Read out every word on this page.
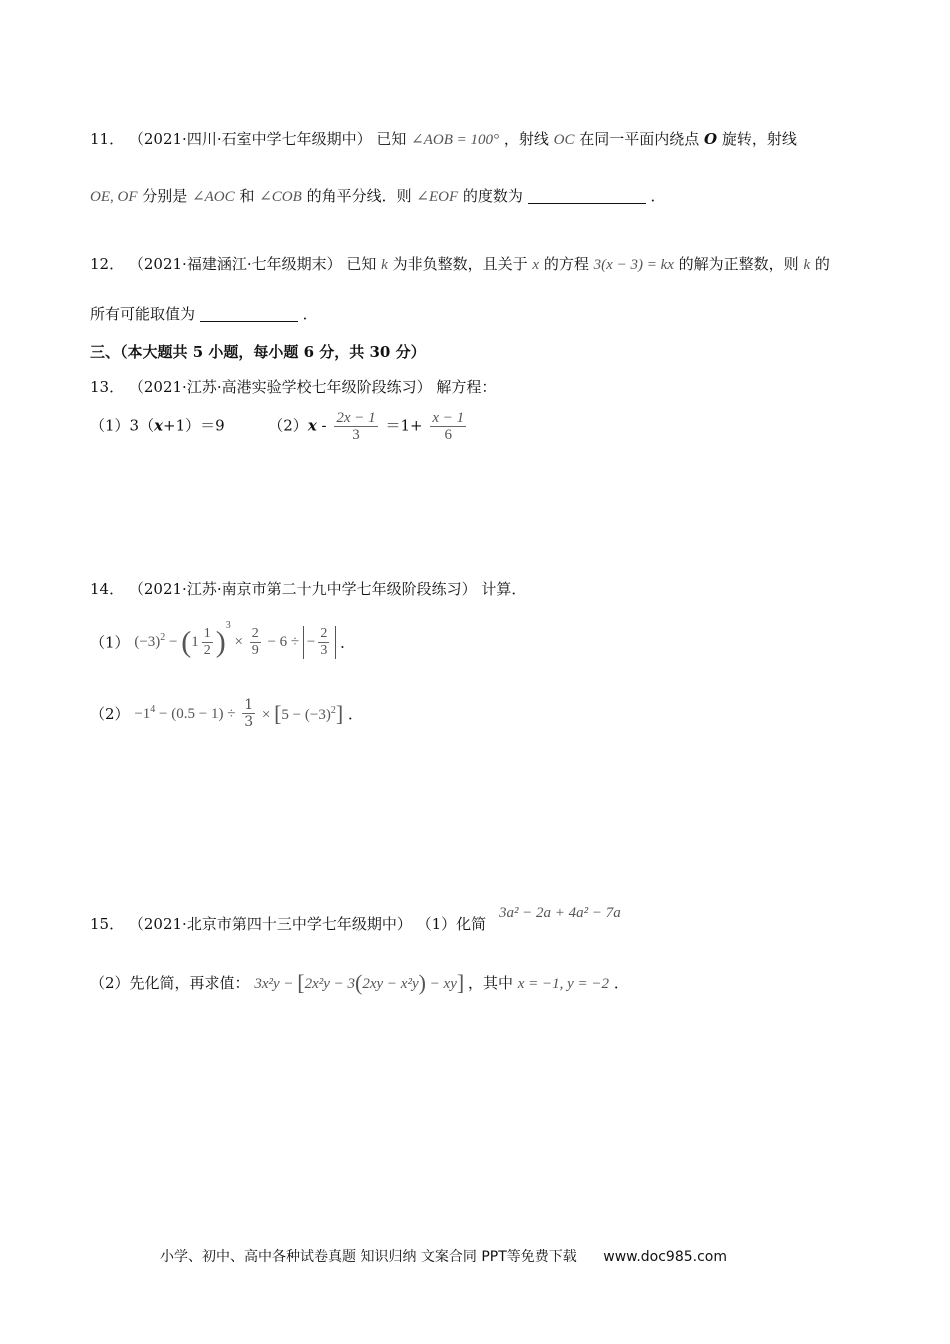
11． （2021·四川·石室中学七年级期中） 已知 ∠AOB = 100° ，射线 OC 在同一平面内绕点 O 旋转，射线
OE, OF 分别是 ∠AOC 和 ∠COB 的角平分线．则 ∠EOF 的度数为	．
12． （2021·福建涵江·七年级期末） 已知 k 为非负整数，且关于 x 的方程 3(x − 3) = kx 的解为正整数，则 k 的
所有可能取值为	．
三、（本大题共 5 小题，每小题 6 分，共 30 分）
13． （2021·江苏·高港实验学校七年级阶段练习） 解方程：
（1）3（x+1）＝9	$(2)x - \frac{2x - 1}{3} =1+ \frac{x - 1}{6}$
14． （2021·江苏·南京市第二十九中学七年级阶段练习） 计算．
（1） $(-3)^2 - (1 \frac{1}{2} )^3 \times \frac{2}{9} - 6$ ÷ − $\frac{2}{3}$ ．
$(2) -1^4 - (0.5 - 1) \div \frac{1}{3} \times [5 - (-3)^2]$ ．
15． （2021·北京市第四十三中学七年级期中） （1）化简 3a² − 2a + 4a² − 7a
（2）先化简，再求值： 3x²y − [2x²y − 3(2xy − x²y) − xy] ，其中 x = −1, y = −2 ．
小学、初中、高中各种试卷真题 知识归纳 文案合同 PPT等免费下载 www.doc985.com
